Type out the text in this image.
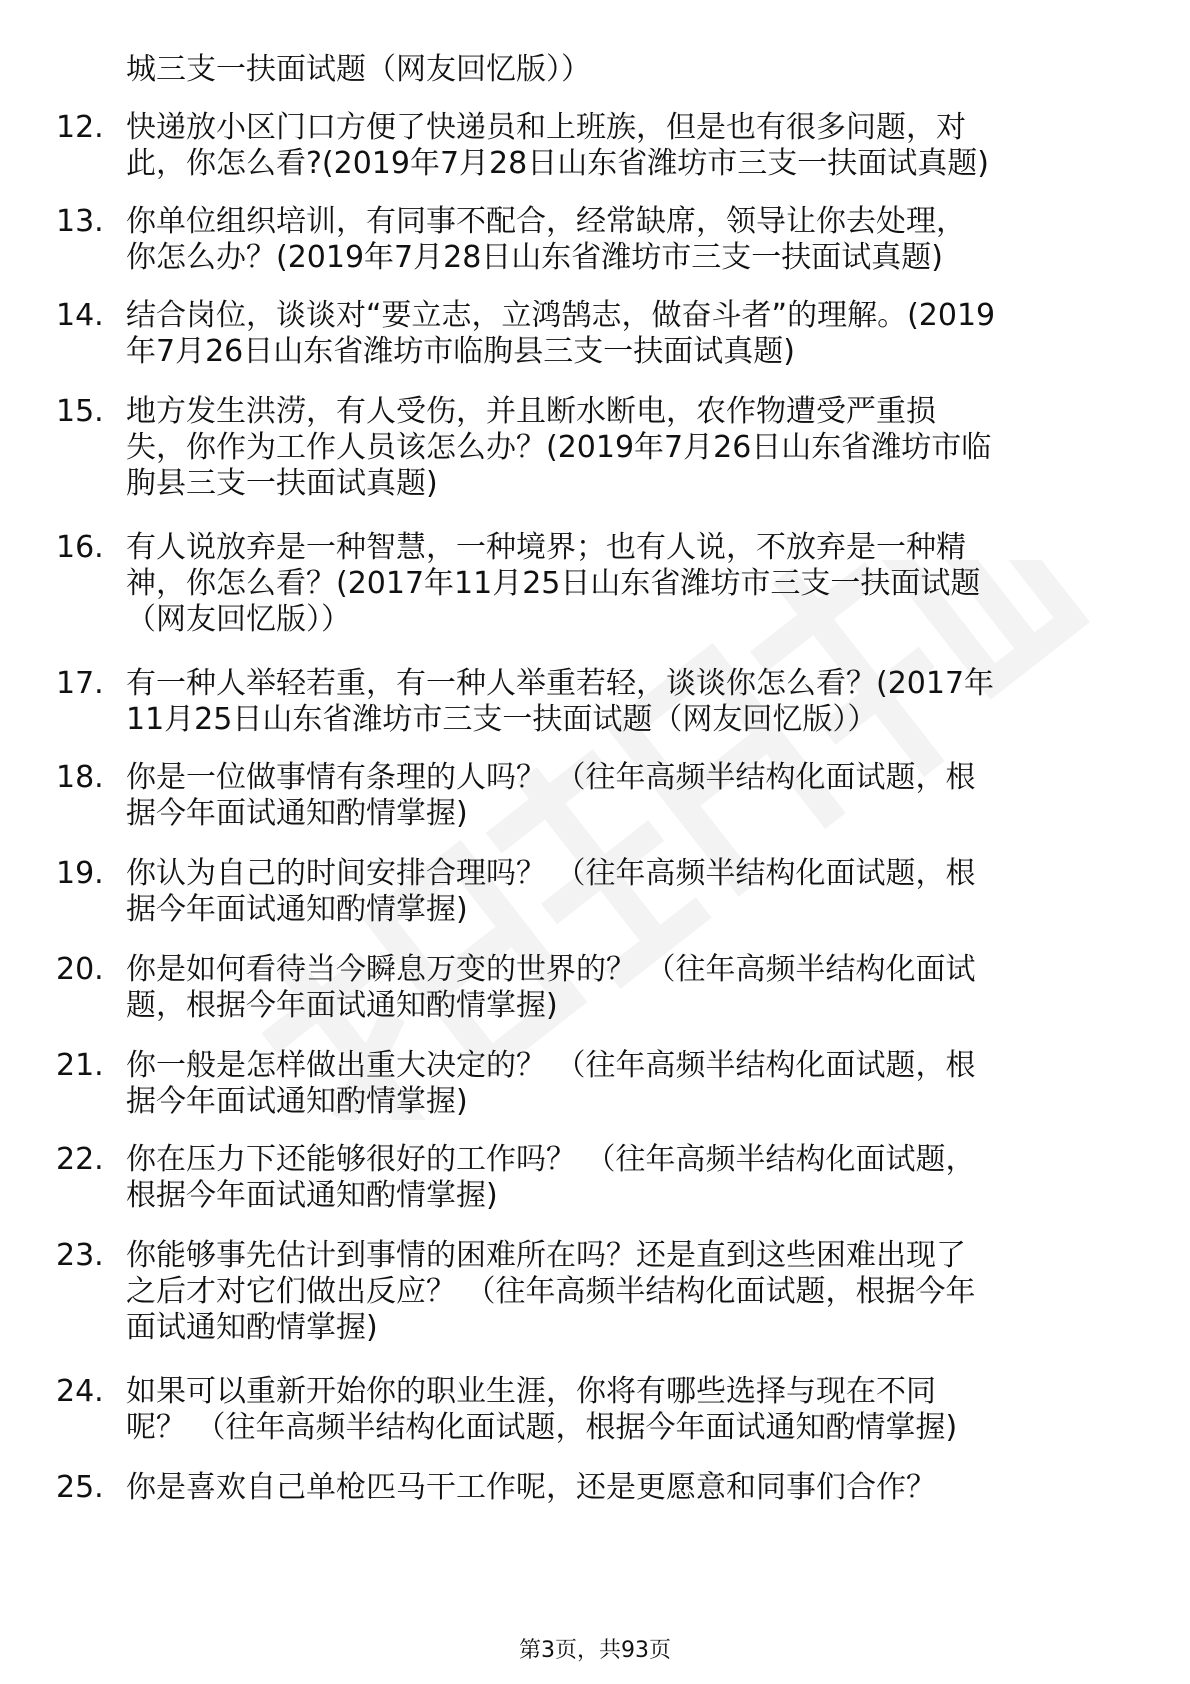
城三支一扶面试题（网友回忆版））
12. 快递放小区门口方便了快递员和上班族，但是也有很多问题，对
此，你怎么看?(2019年7月28日山东省潍坊市三支一扶面试真题)
13. 你单位组织培训，有同事不配合，经常缺席，领导让你去处理，
你怎么办？(2019年7月28日山东省潍坊市三支一扶面试真题)
14. 结合岗位，谈谈对“要立志，立鸿鹄志，做奋斗者”的理解。(2019
年7月26日山东省潍坊市临朐县三支一扶面试真题)
15. 地方发生洪涝，有人受伤，并且断水断电，农作物遭受严重损
失，你作为工作人员该怎么办？(2019年7月26日山东省潍坊市临
朐县三支一扶面试真题)
16. 有人说放弃是一种智慧，一种境界；也有人说，不放弃是一种精
神，你怎么看？(2017年11月25日山东省潍坊市三支一扶面试题
（网友回忆版））
17. 有一种人举轻若重，有一种人举重若轻，谈谈你怎么看？(2017年
11月25日山东省潍坊市三支一扶面试题（网友回忆版））
18. 你是一位做事情有条理的人吗？ （往年高频半结构化面试题，根
据今年面试通知酌情掌握)
19. 你认为自己的时间安排合理吗？ （往年高频半结构化面试题，根
据今年面试通知酌情掌握)
20. 你是如何看待当今瞬息万变的世界的？ （往年高频半结构化面试
题，根据今年面试通知酌情掌握)
21. 你一般是怎样做出重大决定的？ （往年高频半结构化面试题，根
据今年面试通知酌情掌握)
22. 你在压力下还能够很好的工作吗？ （往年高频半结构化面试题，
根据今年面试通知酌情掌握)
23. 你能够事先估计到事情的困难所在吗？还是直到这些困难出现了
之后才对它们做出反应？ （往年高频半结构化面试题，根据今年
面试通知酌情掌握)
24. 如果可以重新开始你的职业生涯，你将有哪些选择与现在不同
呢？ （往年高频半结构化面试题，根据今年面试通知酌情掌握)
25. 你是喜欢自己单枪匹马干工作呢，还是更愿意和同事们合作？
第3页，共93页
